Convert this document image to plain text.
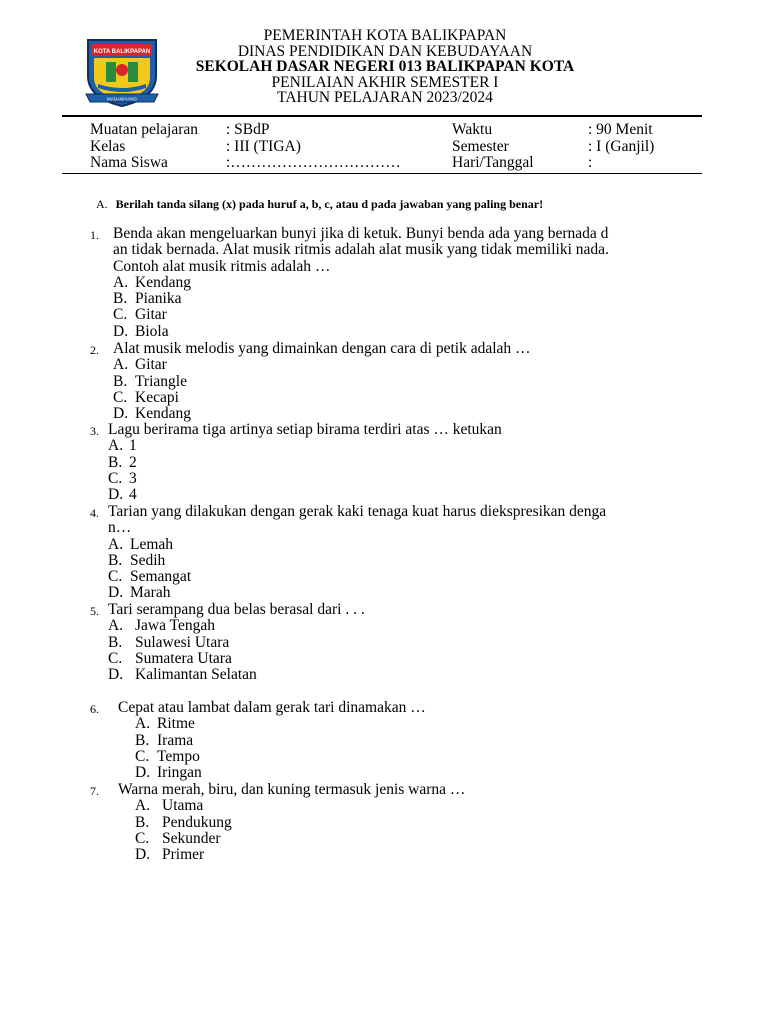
KOTA BALIKPAPAN
MADANIYANG
PEMERINTAH KOTA BALIKPAPAN
DINAS PENDIDIKAN DAN KEBUDAYAAN
SEKOLAH DASAR NEGERI 013 BALIKPAPAN KOTA
PENILAIAN AKHIR SEMESTER I
TAHUN PELAJARAN 2023/2024
Muatan pelajaran : SBdP	Waktu	: 90 Menit
Kelas	: III (TIGA)	Semester	: I (Ganjil)
Nama Siswa	:……………………………	Hari/Tanggal	:
A. Berilah tanda silang (x) pada huruf a, b, c, atau d pada jawaban yang paling benar!
1. Benda akan mengeluarkan bunyi jika di ketuk. Bunyi benda ada yang bernada d
an tidak bernada. Alat musik ritmis adalah alat musik yang tidak memiliki nada.
Contoh alat musik ritmis adalah …
A. Kendang
B. Pianika
C. Gitar
D. Biola
2. Alat musik melodis yang dimainkan dengan cara di petik adalah …
A. Gitar
B. Triangle
C. Kecapi
D. Kendang
3. Lagu berirama tiga artinya setiap birama terdiri atas … ketukan
A. 1
B. 2
C. 3
D. 4
4. Tarian yang dilakukan dengan gerak kaki tenaga kuat harus diekspresikan denga
n…
A. Lemah
B. Sedih
C. Semangat
D. Marah
5. Tari serampang dua belas berasal dari . . .
A. Jawa Tengah
B. Sulawesi Utara
C. Sumatera Utara
D. Kalimantan Selatan
6. Cepat atau lambat dalam gerak tari dinamakan …
A. Ritme
B. Irama
C. Tempo
D. Iringan
7. Warna merah, biru, dan kuning termasuk jenis warna …
A. Utama
B. Pendukung
C. Sekunder
D. Primer
